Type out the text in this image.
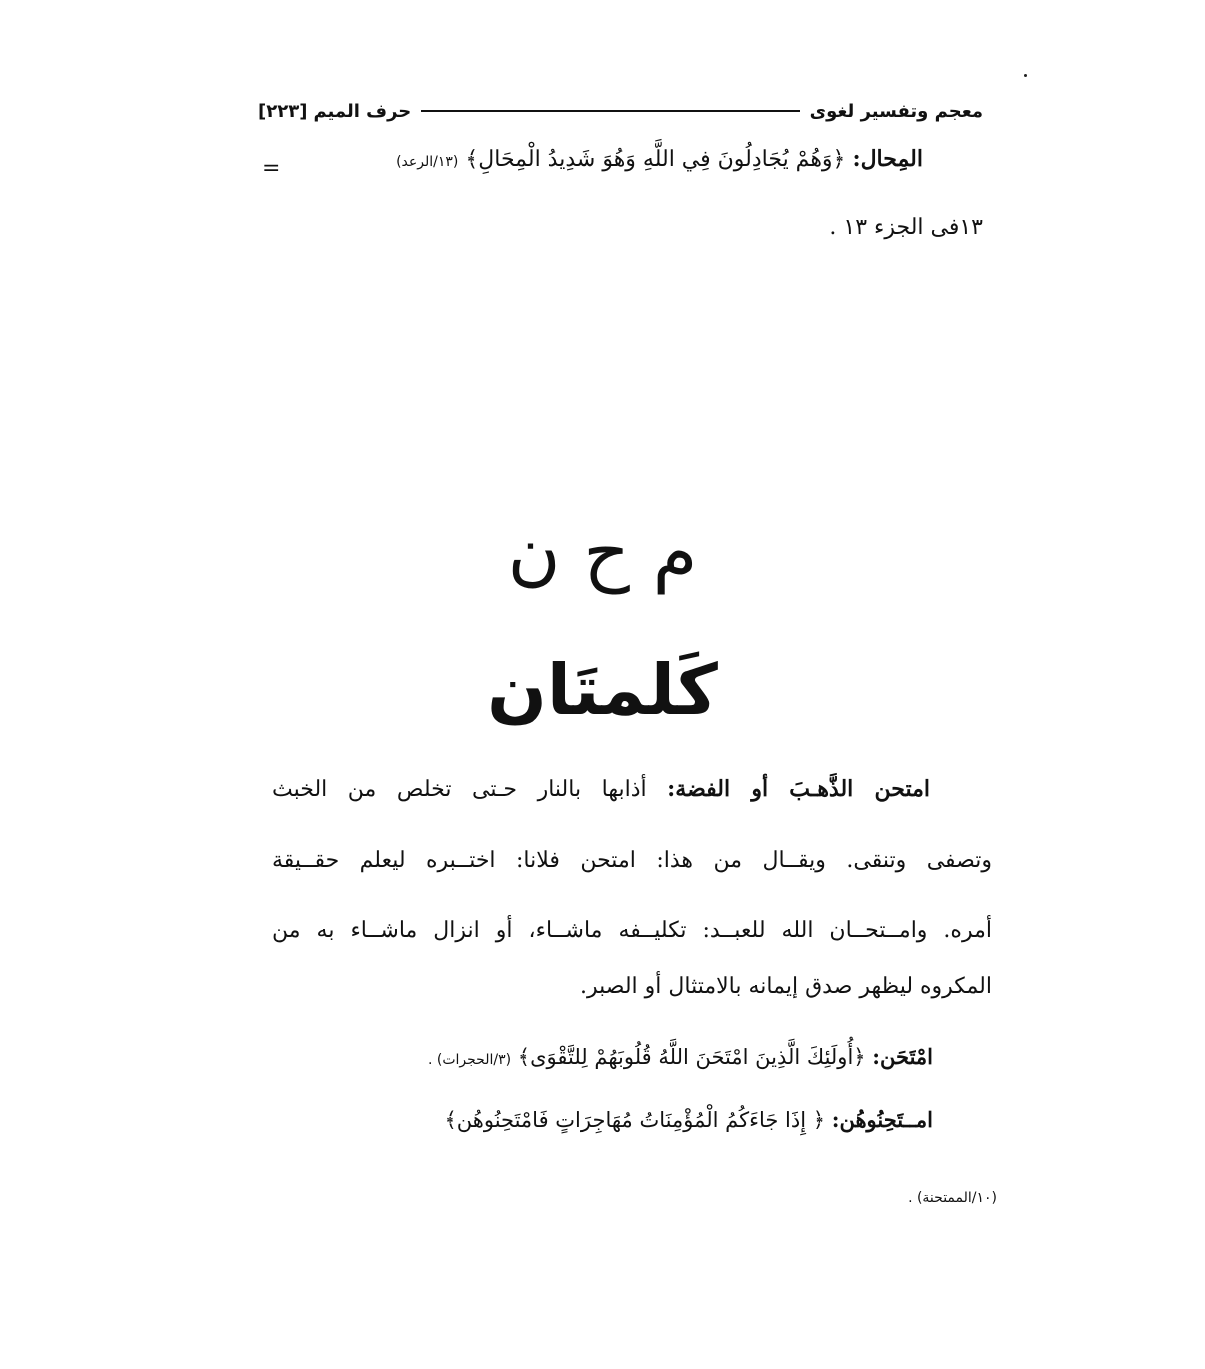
معجم وتفسير لغوى
حرف الميم
[٢٢٣]
المِحال: ﴿وَهُمْ يُجَادِلُونَ فِي اللَّهِ وَهُوَ شَدِيدُ الْمِحَالِ﴾ (١٣/الرعد)
=
١٣فى الجزء ١٣ .
م ح ن
كَلمتَان
امتحن الذَّهـبَ أو الفضة: أذابها بالنار حـتى تخلص من الخبث
وتصفى وتنقى. ويقــال من هذا: امتحن فلانا: اختــبره ليعلم حقــيقة
أمره. وامــتحــان الله للعبــد: تكليــفه ماشــاء، أو انزال ماشــاء به من
المكروه ليظهر صدق إيمانه بالامتثال أو الصبر.
امْتَحَن: ﴿أُولَئِكَ الَّذِينَ امْتَحَنَ اللَّهُ قُلُوبَهُمْ لِلتَّقْوَى﴾ (٣/الحجرات) .
امــتَحِنُوهُن: ﴿ إِذَا جَاءَكُمُ الْمُؤْمِنَاتُ مُهَاجِرَاتٍ فَامْتَحِنُوهُن﴾
(١٠/الممتحنة) .
